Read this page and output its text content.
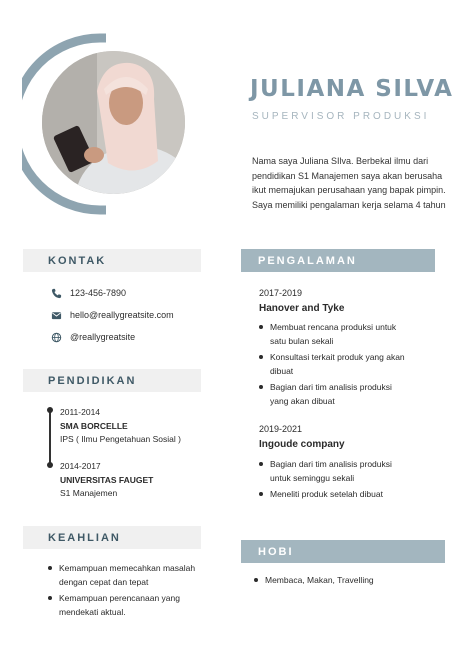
JULIANA SILVA
SUPERVISOR PRODUKSI
Nama saya Juliana SIlva. Berbekal ilmu dari pendidikan S1 Manajemen saya akan berusaha ikut memajukan perusahaan yang bapak pimpin. Saya memiliki pengalaman kerja selama 4 tahun
KONTAK
123-456-7890
hello@reallygreatsite.com
@reallygreatsite
PENDIDIKAN
2011-2014
SMA BORCELLE
IPS ( Ilmu Pengetahuan Sosial )
2014-2017
UNIVERSITAS FAUGET
S1 Manajemen
KEAHLIAN
Kemampuan memecahkan masalah dengan cepat dan tepat
Kemampuan perencanaan yang mendekati aktual.
PENGALAMAN
2017-2019
Hanover and Tyke
Membuat rencana produksi untuk satu bulan sekali
Konsultasi terkait produk yang akan dibuat
Bagian dari tim analisis produksi yang akan dibuat
2019-2021
Ingoude company
Bagian dari tim analisis produksi untuk seminggu sekali
Meneliti produk setelah dibuat
HOBI
Membaca, Makan, Travelling
